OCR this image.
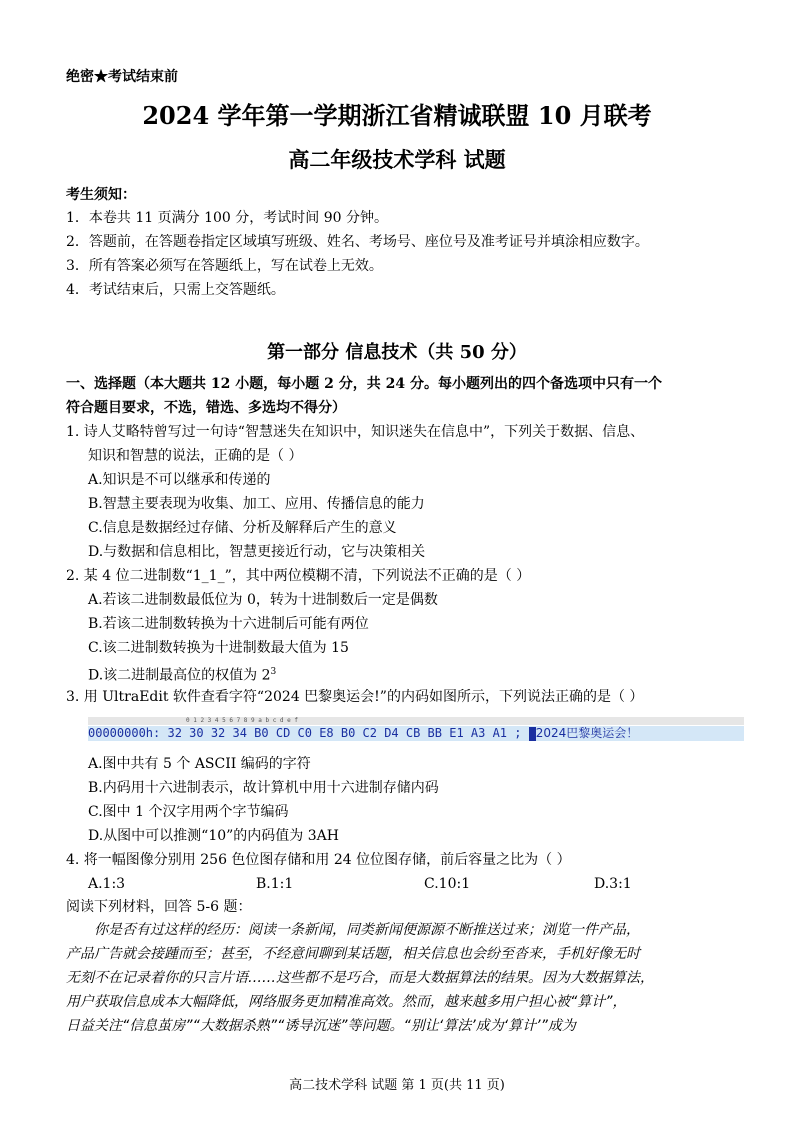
绝密★考试结束前
2024 学年第一学期浙江省精诚联盟 10 月联考
高二年级技术学科 试题
考生须知：
1．本卷共 11 页满分 100 分，考试时间 90 分钟。
2．答题前，在答题卷指定区域填写班级、姓名、考场号、座位号及准考证号并填涂相应数字。
3．所有答案必须写在答题纸上，写在试卷上无效。
4．考试结束后，只需上交答题纸。
第一部分 信息技术（共 50 分）
一、选择题（本大题共 12 小题，每小题 2 分，共 24 分。每小题列出的四个备选项中只有一个
符合题目要求，不选，错选、多选均不得分）
1. 诗人艾略特曾写过一句诗“智慧迷失在知识中，知识迷失在信息中”，下列关于数据、信息、
知识和智慧的说法，正确的是（ ）
A.知识是不可以继承和传递的
B.智慧主要表现为收集、加工、应用、传播信息的能力
C.信息是数据经过存储、分析及解释后产生的意义
D.与数据和信息相比，智慧更接近行动，它与决策相关
2. 某 4 位二进制数“1_1_”，其中两位模糊不清，下列说法不正确的是（ ）
A.若该二进制数最低位为 0，转为十进制数后一定是偶数
B.若该二进制数转换为十六进制后可能有两位
C.该二进制数转换为十进制数最大值为 15
D.该二进制最高位的权值为 $2^3$
3. 用 UltraEdit 软件查看字符“2024 巴黎奥运会!”的内码如图所示，下列说法正确的是（ ）
0 1 2 3 4 5 6 7 8 9 a b c d e f
00000000h: 32 30 32 34 B0 CD C0 E8 B0 C2 D4 CB BB E1 A3 A1 ; 2024巴黎奥运会！
A.图中共有 5 个 ASCII 编码的字符
B.内码用十六进制表示，故计算机中用十六进制存储内码
C.图中 1 个汉字用两个字节编码
D.从图中可以推测“10”的内码值为 3AH
4. 将一幅图像分别用 256 色位图存储和用 24 位位图存储，前后容量之比为（ ）
A.1:3	B.1:1	C.10:1	D.3:1
阅读下列材料，回答 5-6 题：
你是否有过这样的经历：阅读一条新闻，同类新闻便源源不断推送过来；浏览一件产品，
产品广告就会接踵而至；甚至，不经意间聊到某话题，相关信息也会纷至沓来，手机好像无时
无刻不在记录着你的只言片语……这些都不是巧合，而是大数据算法的结果。因为大数据算法，
用户获取信息成本大幅降低，网络服务更加精准高效。然而，越来越多用户担心被“算计”，
日益关注“信息茧房”“大数据杀熟”“诱导沉迷”等问题。“别让‘算法’成为‘算计’”成为
高二技术学科 试题 第 1 页(共 11 页)
